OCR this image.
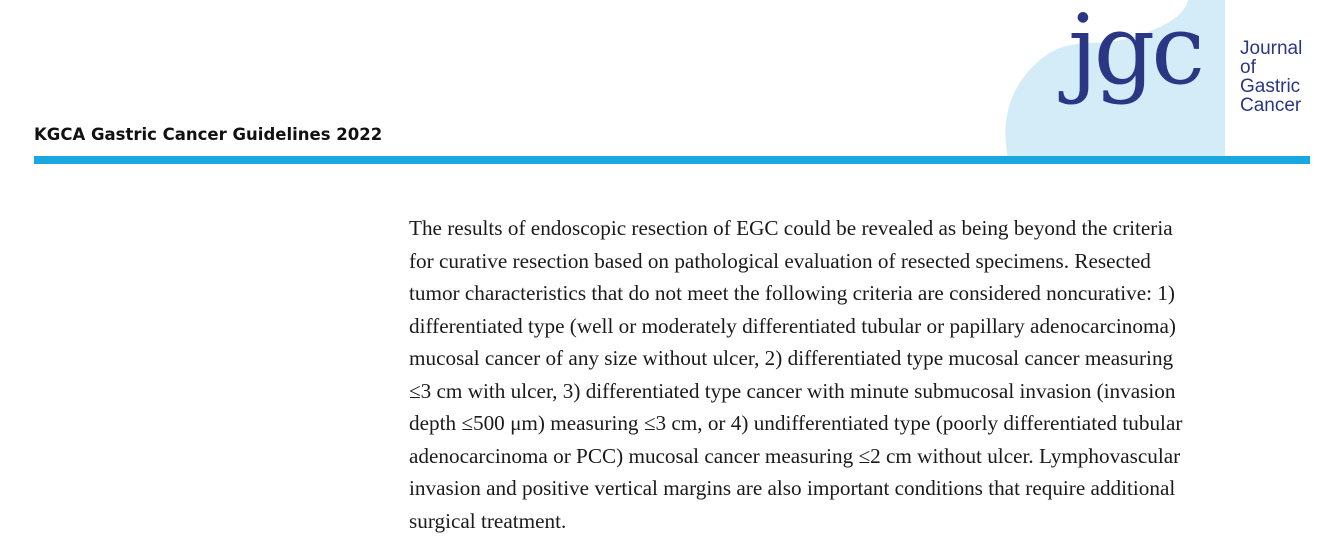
KGCA Gastric Cancer Guidelines 2022
jgc Journal
of
Gastric
Cancer

The results of endoscopic resection of EGC could be revealed as being beyond the criteria
for curative resection based on pathological evaluation of resected specimens. Resected
tumor characteristics that do not meet the following criteria are considered noncurative: 1)
differentiated type (well or moderately differentiated tubular or papillary adenocarcinoma)
mucosal cancer of any size without ulcer, 2) differentiated type mucosal cancer measuring
≤3 cm with ulcer, 3) differentiated type cancer with minute submucosal invasion (invasion
depth ≤500 μm) measuring ≤3 cm, or 4) undifferentiated type (poorly differentiated tubular
adenocarcinoma or PCC) mucosal cancer measuring ≤2 cm without ulcer. Lymphovascular
invasion and positive vertical margins are also important conditions that require additional
surgical treatment.
